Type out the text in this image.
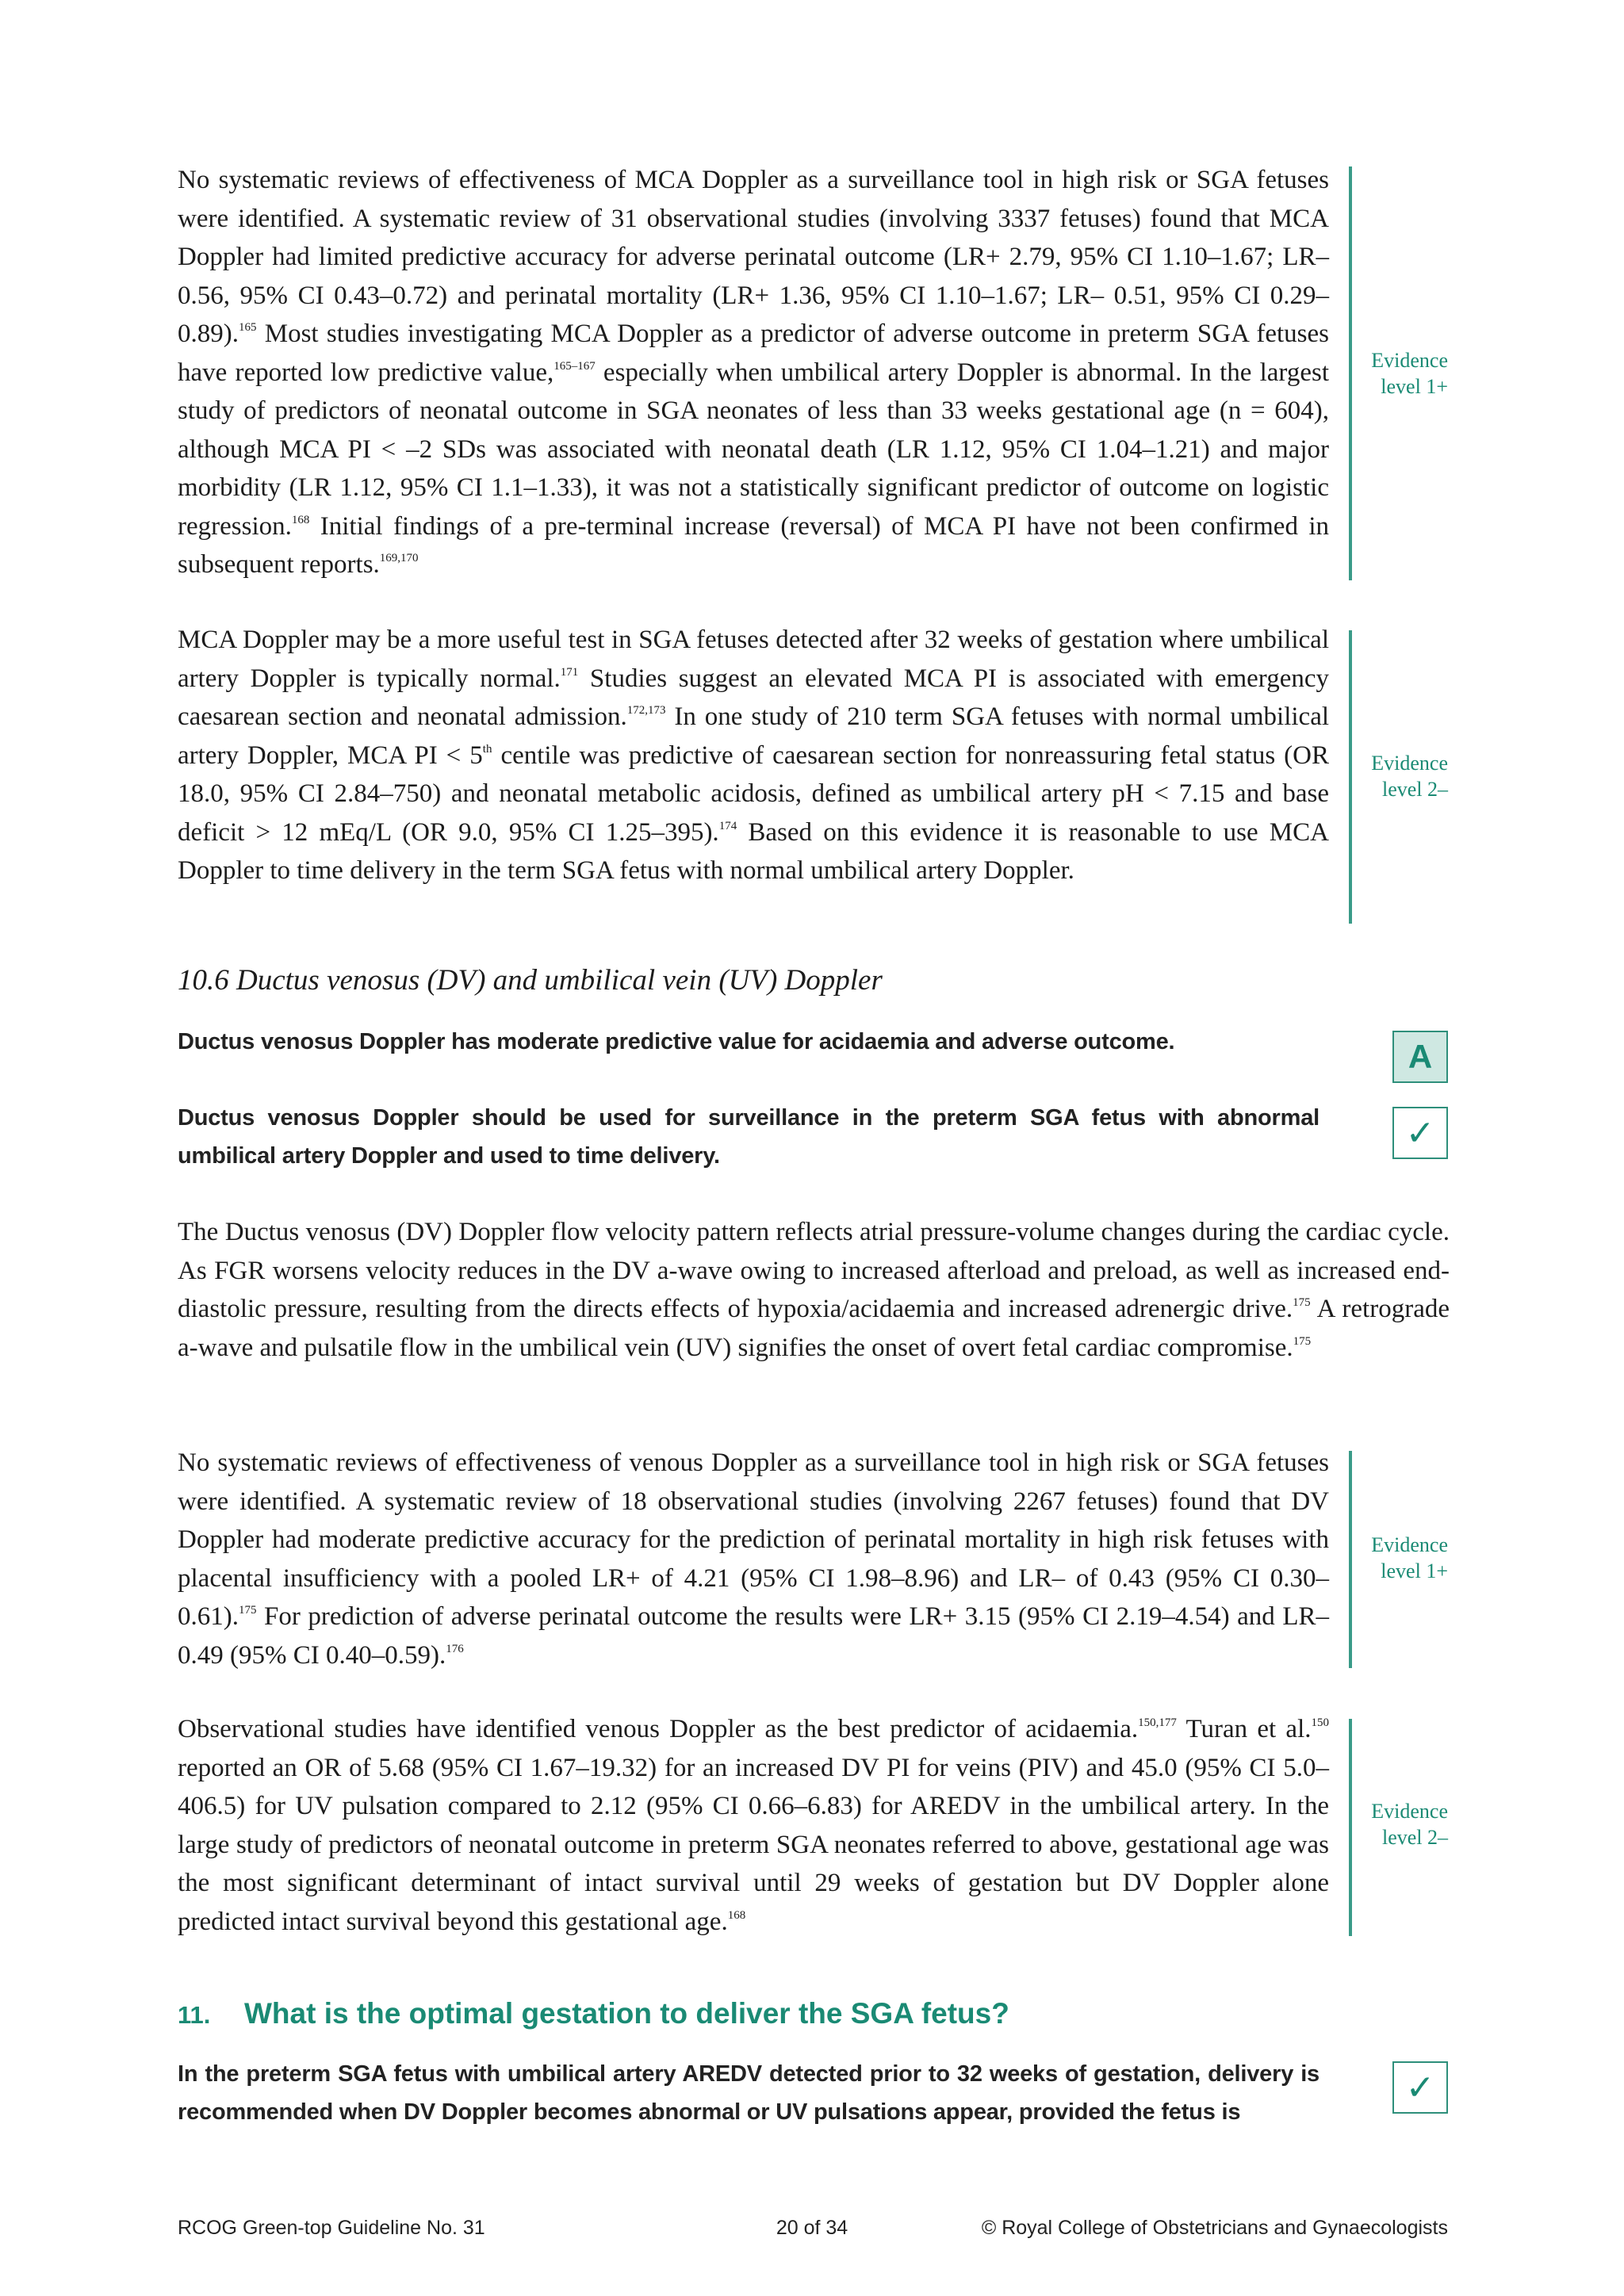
No systematic reviews of effectiveness of MCA Doppler as a surveillance tool in high risk or SGA fetuses were identified. A systematic review of 31 observational studies (involving 3337 fetuses) found that MCA Doppler had limited predictive accuracy for adverse perinatal outcome (LR+ 2.79, 95% CI 1.10–1.67; LR– 0.56, 95% CI 0.43–0.72) and perinatal mortality (LR+ 1.36, 95% CI 1.10–1.67; LR– 0.51, 95% CI 0.29–0.89).$^{165}$ Most studies investigating MCA Doppler as a predictor of adverse outcome in preterm SGA fetuses have reported low predictive value,$^{165-167}$ especially when umbilical artery Doppler is abnormal. In the largest study of predictors of neonatal outcome in SGA neonates of less than 33 weeks gestational age (n = 604), although MCA PI < –2 SDs was associated with neonatal death (LR 1.12, 95% CI 1.04–1.21) and major morbidity (LR 1.12, 95% CI 1.1–1.33), it was not a statistically significant predictor of outcome on logistic regression.$^{168}$ Initial findings of a pre-terminal increase (reversal) of MCA PI have not been confirmed in subsequent reports.$^{169,170}$
Evidence
level 1+
MCA Doppler may be a more useful test in SGA fetuses detected after 32 weeks of gestation where umbilical artery Doppler is typically normal.$^{171}$ Studies suggest an elevated MCA PI is associated with emergency caesarean section and neonatal admission.$^{172,173}$ In one study of 210 term SGA fetuses with normal umbilical artery Doppler, MCA PI < 5th centile was predictive of caesarean section for nonreassuring fetal status (OR 18.0, 95% CI 2.84–750) and neonatal metabolic acidosis, defined as umbilical artery pH < 7.15 and base deficit > 12 mEq/L (OR 9.0, 95% CI 1.25–395).$^{174}$ Based on this evidence it is reasonable to use MCA Doppler to time delivery in the term SGA fetus with normal umbilical artery Doppler.
Evidence
level 2–
10.6 Ductus venosus (DV) and umbilical vein (UV) Doppler
Ductus venosus Doppler has moderate predictive value for acidaemia and adverse outcome.	A
Ductus venosus Doppler should be used for surveillance in the preterm SGA fetus with abnormal umbilical artery Doppler and used to time delivery.
✓
The Ductus venosus (DV) Doppler flow velocity pattern reflects atrial pressure-volume changes during the cardiac cycle. As FGR worsens velocity reduces in the DV a-wave owing to increased afterload and preload, as well as increased end-diastolic pressure, resulting from the directs effects of hypoxia/acidaemia and increased adrenergic drive.$^{175}$ A retrograde a-wave and pulsatile flow in the umbilical vein (UV) signifies the onset of overt fetal cardiac compromise.$^{175}$
No systematic reviews of effectiveness of venous Doppler as a surveillance tool in high risk or SGA fetuses were identified. A systematic review of 18 observational studies (involving 2267 fetuses) found that DV Doppler had moderate predictive accuracy for the prediction of perinatal mortality in high risk fetuses with placental insufficiency with a pooled LR+ of 4.21 (95% CI 1.98–8.96) and LR– of 0.43 (95% CI 0.30–0.61).$^{175}$ For prediction of adverse perinatal outcome the results were LR+ 3.15 (95% CI 2.19–4.54) and LR– 0.49 (95% CI 0.40–0.59).$^{176}$
Evidence
level 1+
Observational studies have identified venous Doppler as the best predictor of acidaemia.$^{150,177}$ Turan et al.$^{150}$ reported an OR of 5.68 (95% CI 1.67–19.32) for an increased DV PI for veins (PIV) and 45.0 (95% CI 5.0–406.5) for UV pulsation compared to 2.12 (95% CI 0.66–6.83) for AREDV in the umbilical artery. In the large study of predictors of neonatal outcome in preterm SGA neonates referred to above, gestational age was the most significant determinant of intact survival until 29 weeks of gestation but DV Doppler alone predicted intact survival beyond this gestational age.$^{168}$
Evidence
level 2–
11. What is the optimal gestation to deliver the SGA fetus?
In the preterm SGA fetus with umbilical artery AREDV detected prior to 32 weeks of gestation, delivery is recommended when DV Doppler becomes abnormal or UV pulsations appear, provided the fetus is
✓
RCOG Green-top Guideline No. 31	20 of 34	© Royal College of Obstetricians and Gynaecologists
